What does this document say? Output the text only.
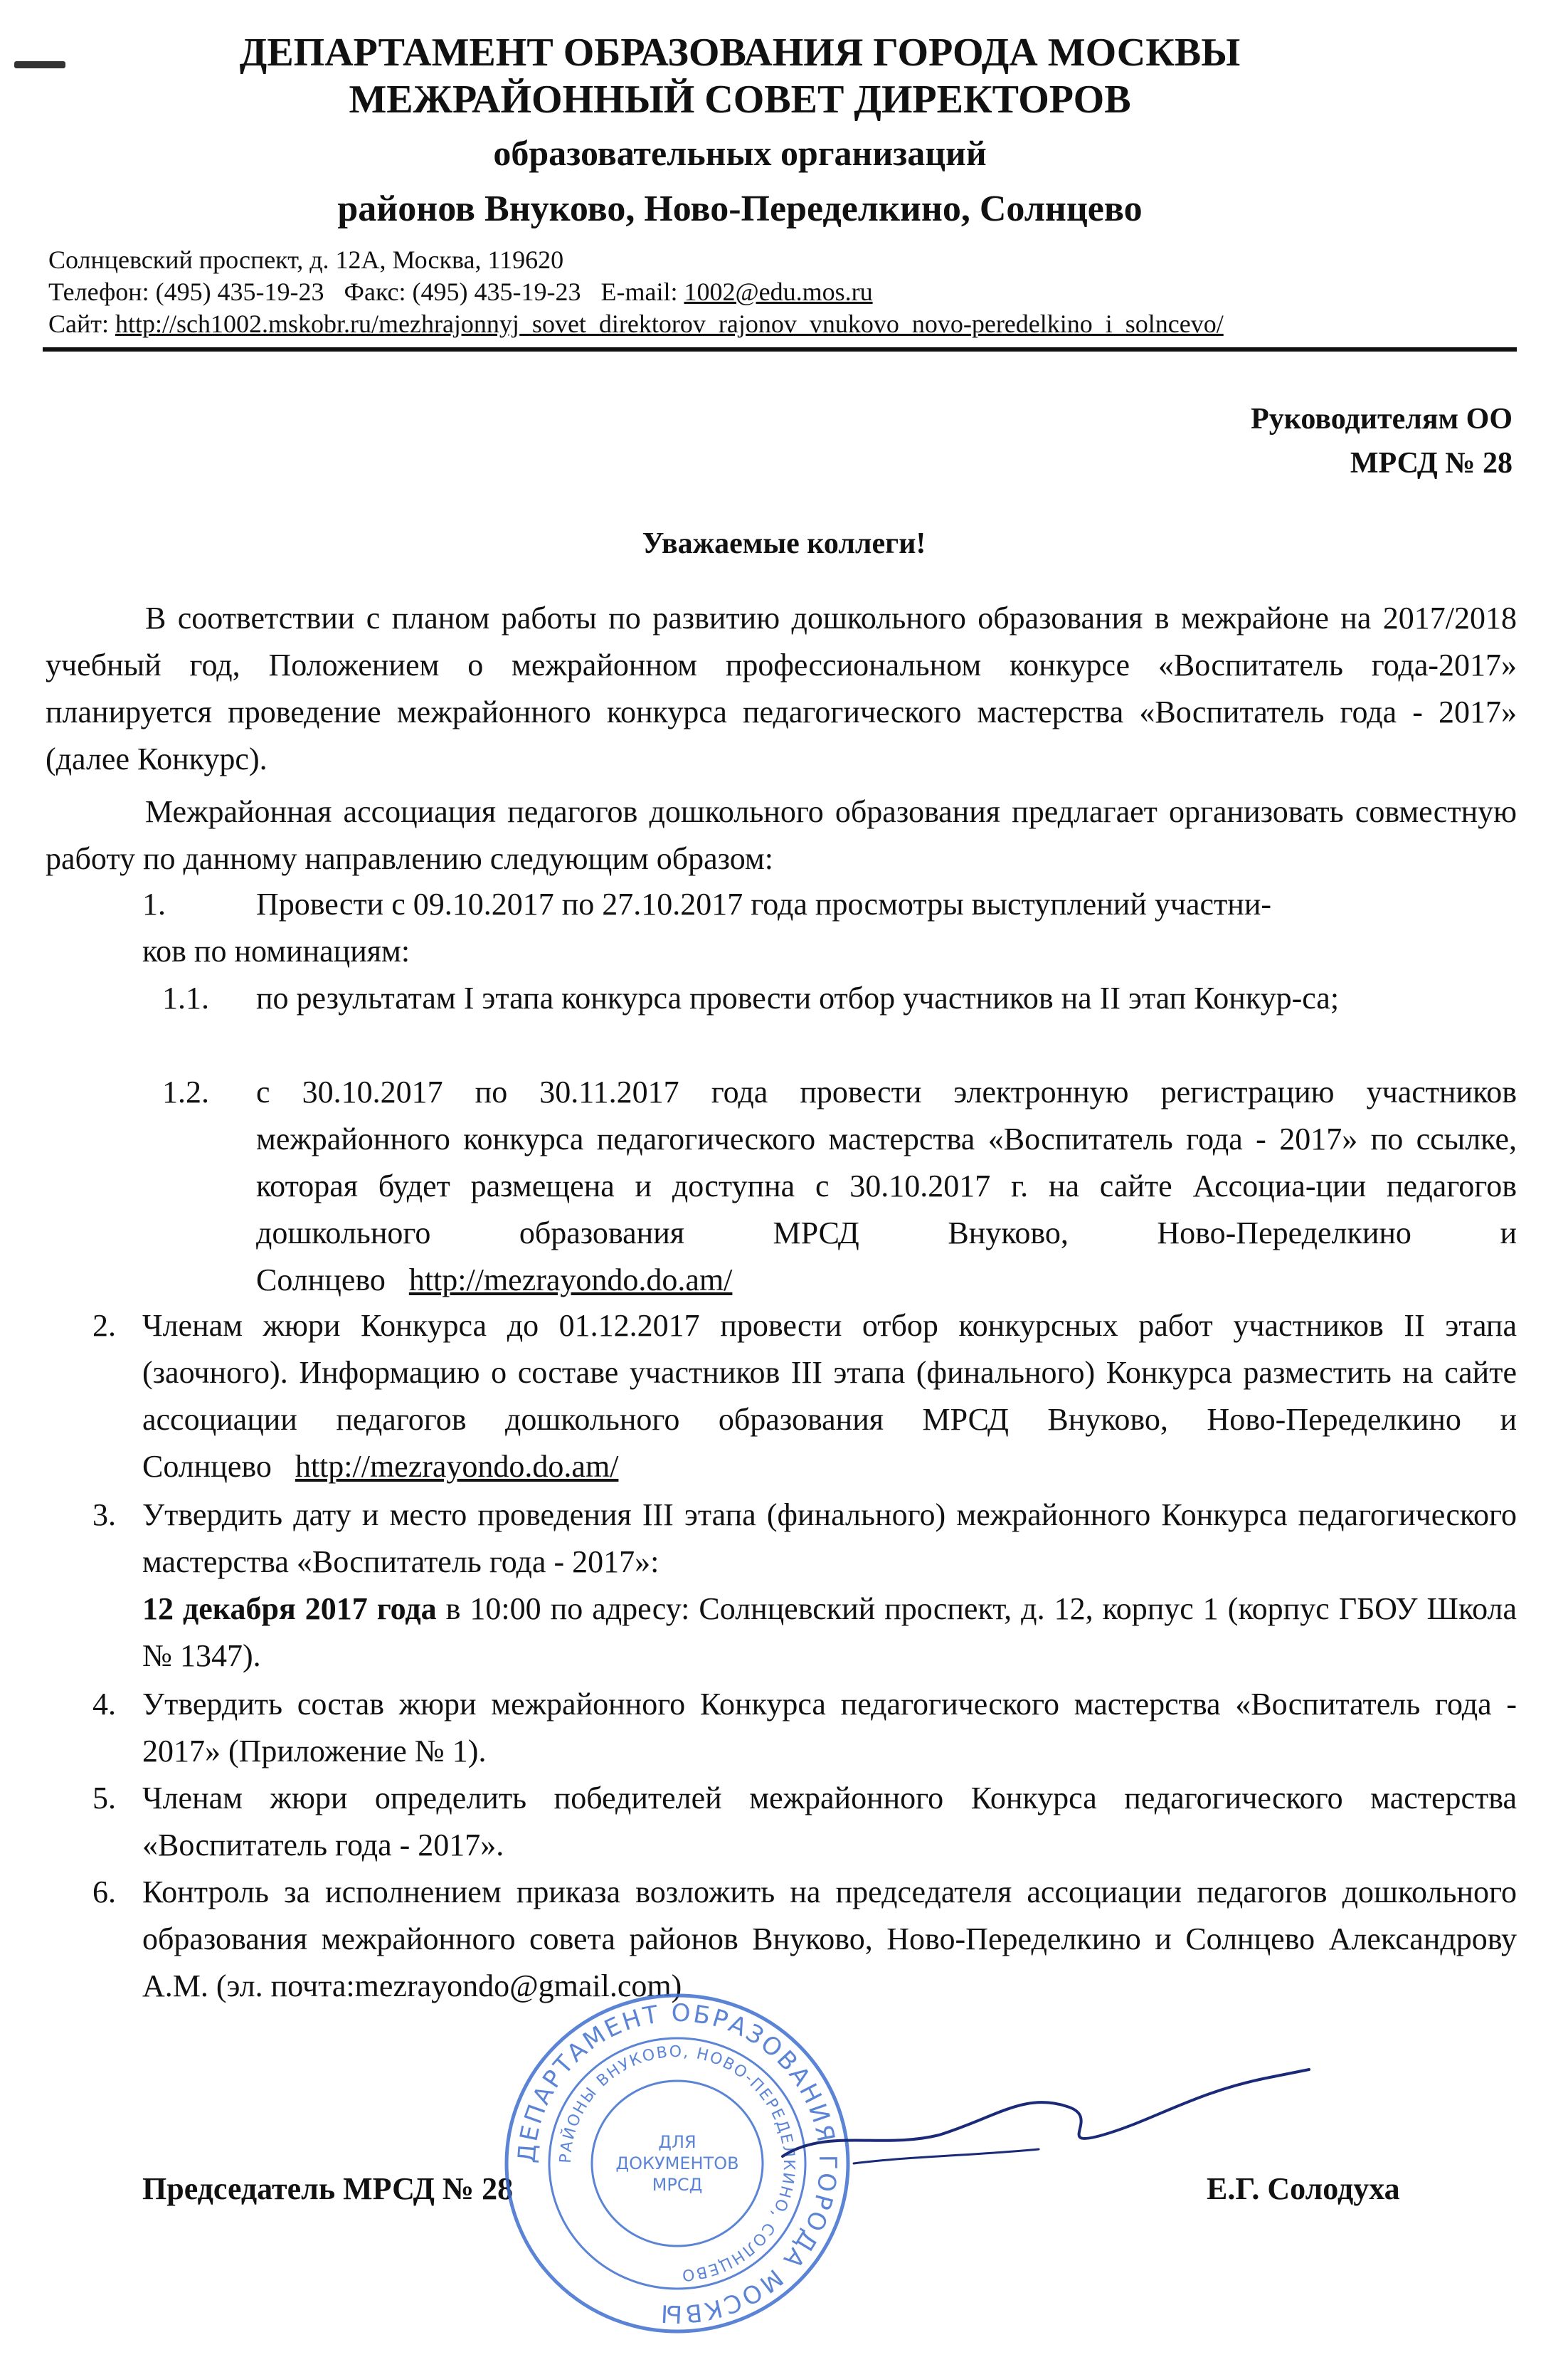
ДЕПАРТАМЕНТ ОБРАЗОВАНИЯ ГОРОДА МОСКВЫ
МЕЖРАЙОННЫЙ СОВЕТ ДИРЕКТОРОВ
образовательных организаций
районов Внуково, Ново-Переделкино, Солнцево
Солнцевский проспект, д. 12А, Москва, 119620
Телефон: (495) 435-19-23 Факс: (495) 435-19-23 E-mail: 1002@edu.mos.ru
Сайт: http://sch1002.mskobr.ru/mezhrajonnyj_sovet_direktorov_rajonov_vnukovo_novo-peredelkino_i_solncevo/
Руководителям ОО
МРСД № 28
Уважаемые коллеги!

В соответствии с планом работы по развитию дошкольного образования в межрайоне на 2017/2018 учебный год, Положением о межрайонном профессиональном конкурсе «Воспитатель года-2017» планируется проведение межрайонного конкурса педагогического мастерства «Воспитатель года - 2017» (далее Конкурс).

Межрайонная ассоциация педагогов дошкольного образования предлагает организовать совместную работу по данному направлению следующим образом:

1.	Провести с 09.10.2017 по 27.10.2017 года просмотры выступлений участни-

ков по номинациям:

1.1. по результатам I этапа конкурса провести отбор участников на II этап Конкур-са;

1.2. с 30.10.2017 по 30.11.2017 года провести электронную регистрацию участников межрайонного конкурса педагогического мастерства «Воспитатель года - 2017» по ссылке, которая будет размещена и доступна с 30.10.2017 г. на сайте Ассоциа-ции педагогов дошкольного образования МРСД Внуково, Ново-Переделкино и Солнцево http://mezrayondo.do.am/

2. Членам жюри Конкурса до 01.12.2017 провести отбор конкурсных работ участников II этапа (заочного). Информацию о составе участников III этапа (финального) Конкурса разместить на сайте ассоциации педагогов дошкольного образования МРСД Внуково, Ново-Переделкино и Солнцево http://mezrayondo.do.am/

3. Утвердить дату и место проведения III этапа (финального) межрайонного Конкурса педагогического мастерства «Воспитатель года - 2017»:
12 декабря 2017 года в 10:00 по адресу: Солнцевский проспект, д. 12, корпус 1 (корпус ГБОУ Школа № 1347).
4. Утвердить состав жюри межрайонного Конкурса педагогического мастерства «Воспитатель года - 2017» (Приложение № 1).

5. Членам жюри определить победителей межрайонного Конкурса педагогического мастерства «Воспитатель года - 2017».

6. Контроль за исполнением приказа возложить на председателя ассоциации педагогов дошкольного образования межрайонного совета районов Внуково, Ново-Переделкино и Солнцево Александрову А.М. (эл. почта:mezrayondo@gmail.com)

Председатель МРСД № 28	Е.Г. Солодуха
ДЕПАРТАМЕНТ ОБРАЗОВАНИЯ ГОРОДА МОСКВЫ
РАЙОНЫ ВНУКОВО, НОВО-ПЕРЕДЕЛКИНО, СОЛНЦЕВО
ДЛЯ
ДОКУМЕНТОВ
МРСД
